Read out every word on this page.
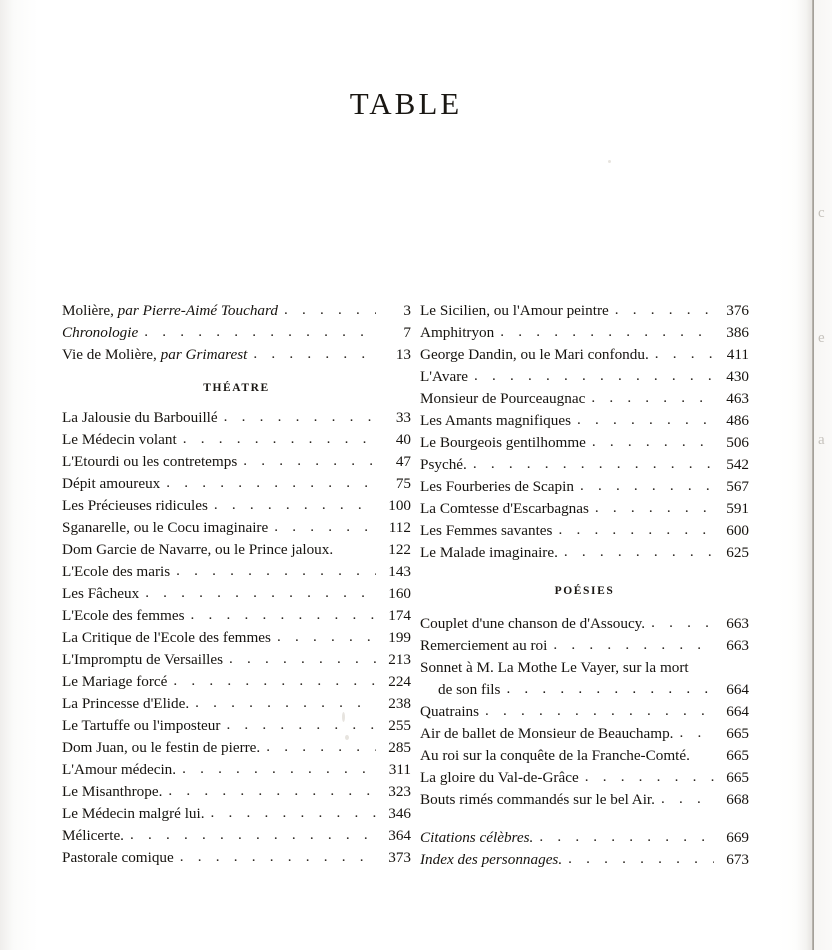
c
e
a
TABLE
Molière, par Pierre-Aimé Touchard . . .	3
Chronologie . . .	7
Vie de Molière, par Grimarest . . .	13
THÉATRE
La Jalousie du Barbouillé . . .	33
Le Médecin volant . . .	40
L'Etourdi ou les contretemps . . .	47
Dépit amoureux . . .	75
Les Précieuses ridicules . . .	100
Sganarelle, ou le Cocu imaginaire . . .	112
Dom Garcie de Navarre, ou le Prince jaloux.	122
L'Ecole des maris . . .	143
Les Fâcheux . . .	160
L'Ecole des femmes . . .	174
La Critique de l'Ecole des femmes . . .	199
L'Impromptu de Versailles . . .	213
Le Mariage forcé . . .	224
La Princesse d'Elide. . . .	238
Le Tartuffe ou l'imposteur . . .	255
Dom Juan, ou le festin de pierre. . . .	285
L'Amour médecin. . . .	311
Le Misanthrope. . . .	323
Le Médecin malgré lui. . . .	346
Mélicerte. . . .	364
Pastorale comique . . .	373
Le Sicilien, ou l'Amour peintre . . .	376
Amphitryon . . .	386
George Dandin, ou le Mari confondu. . . .	411
L'Avare . . .	430
Monsieur de Pourceaugnac . . .	463
Les Amants magnifiques . . .	486
Le Bourgeois gentilhomme . . .	506
Psyché. . . .	542
Les Fourberies de Scapin . . .	567
La Comtesse d'Escarbagnas . . .	591
Les Femmes savantes . . .	600
Le Malade imaginaire. . . .	625
POÉSIES
Couplet d'une chanson de d'Assoucy. . . .	663
Remerciement au roi . . .	663
Sonnet à M. La Mothe Le Vayer, sur la mort
de son fils . . .	664
Quatrains . . .	664
Air de ballet de Monsieur de Beauchamp. . . .	665
Au roi sur la conquête de la Franche-Comté.	665
La gloire du Val-de-Grâce . . .	665
Bouts rimés commandés sur le bel Air. . . .	668
Citations célèbres. . . .	669
Index des personnages. . . .	673
